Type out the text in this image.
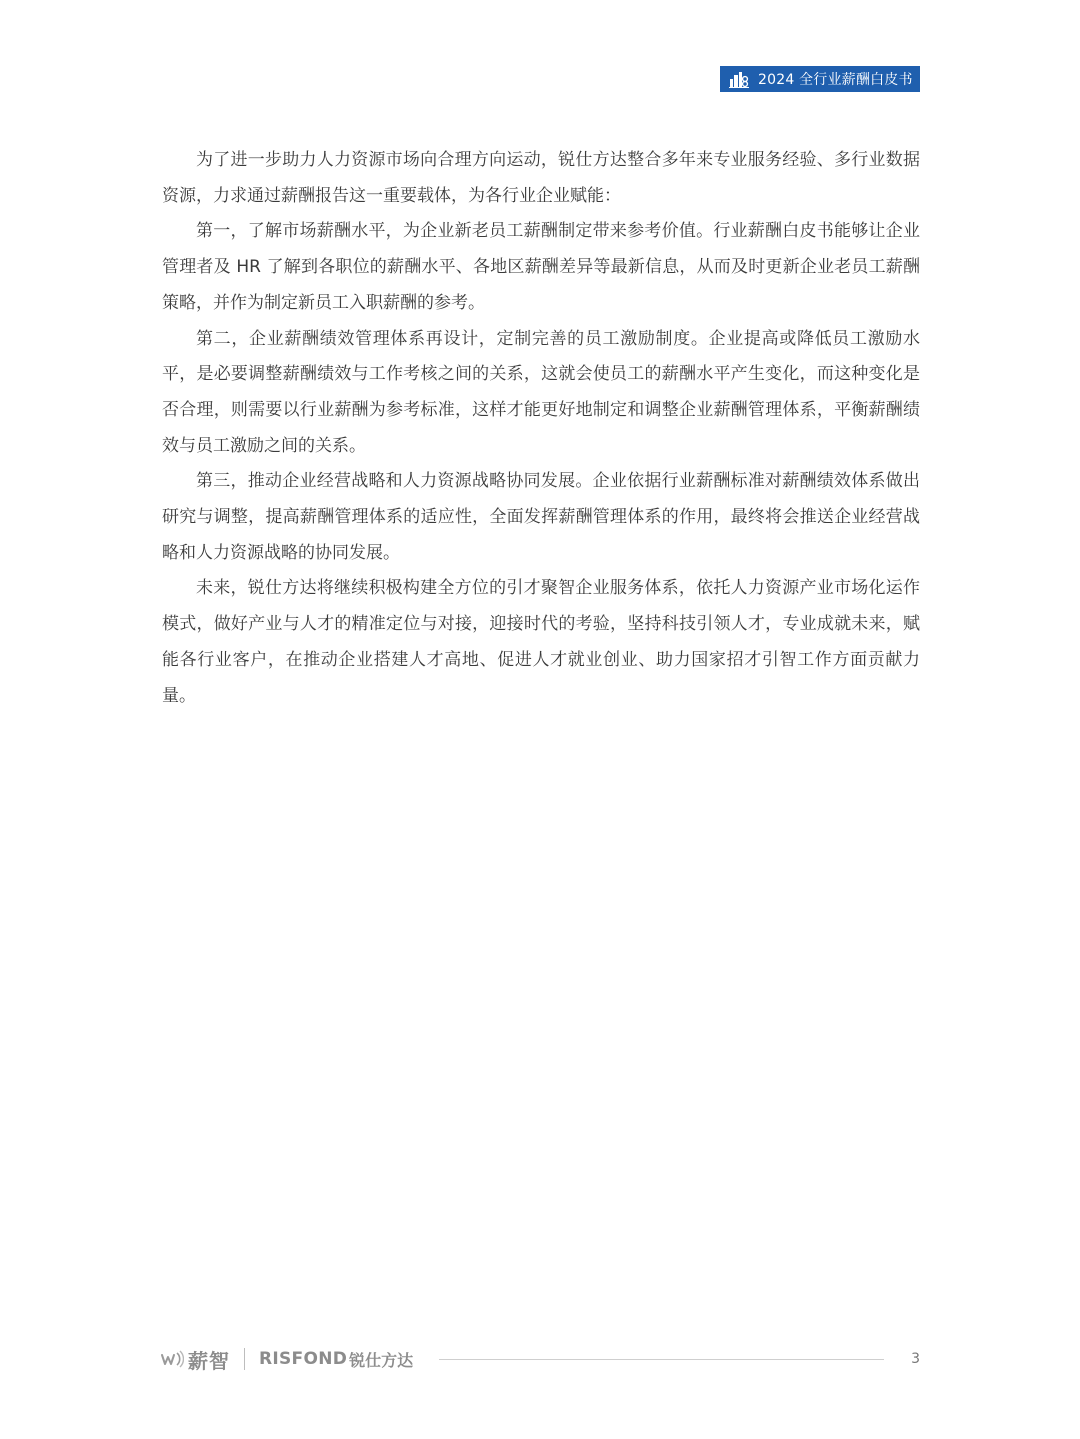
2024 全行业薪酬白皮书

为了进一步助力人力资源市场向合理方向运动，锐仕方达整合多年来专业服务经验、多行业数据资源，力求通过薪酬报告这一重要载体，为各行业企业赋能：

第一，了解市场薪酬水平，为企业新老员工薪酬制定带来参考价值。行业薪酬白皮书能够让企业管理者及 HR 了解到各职位的薪酬水平、各地区薪酬差异等最新信息，从而及时更新企业老员工薪酬策略，并作为制定新员工入职薪酬的参考。

第二，企业薪酬绩效管理体系再设计，定制完善的员工激励制度。企业提高或降低员工激励水平，是必要调整薪酬绩效与工作考核之间的关系，这就会使员工的薪酬水平产生变化，而这种变化是否合理，则需要以行业薪酬为参考标准，这样才能更好地制定和调整企业薪酬管理体系，平衡薪酬绩效与员工激励之间的关系。

第三，推动企业经营战略和人力资源战略协同发展。企业依据行业薪酬标准对薪酬绩效体系做出研究与调整，提高薪酬管理体系的适应性，全面发挥薪酬管理体系的作用，最终将会推送企业经营战略和人力资源战略的协同发展。

未来，锐仕方达将继续积极构建全方位的引才聚智企业服务体系，依托人力资源产业市场化运作模式，做好产业与人才的精准定位与对接，迎接时代的考验，坚持科技引领人才，专业成就未来，赋能各行业客户，在推动企业搭建人才高地、促进人才就业创业、助力国家招才引智工作方面贡献力量。

薪智 RISFOND 锐仕方达	3
